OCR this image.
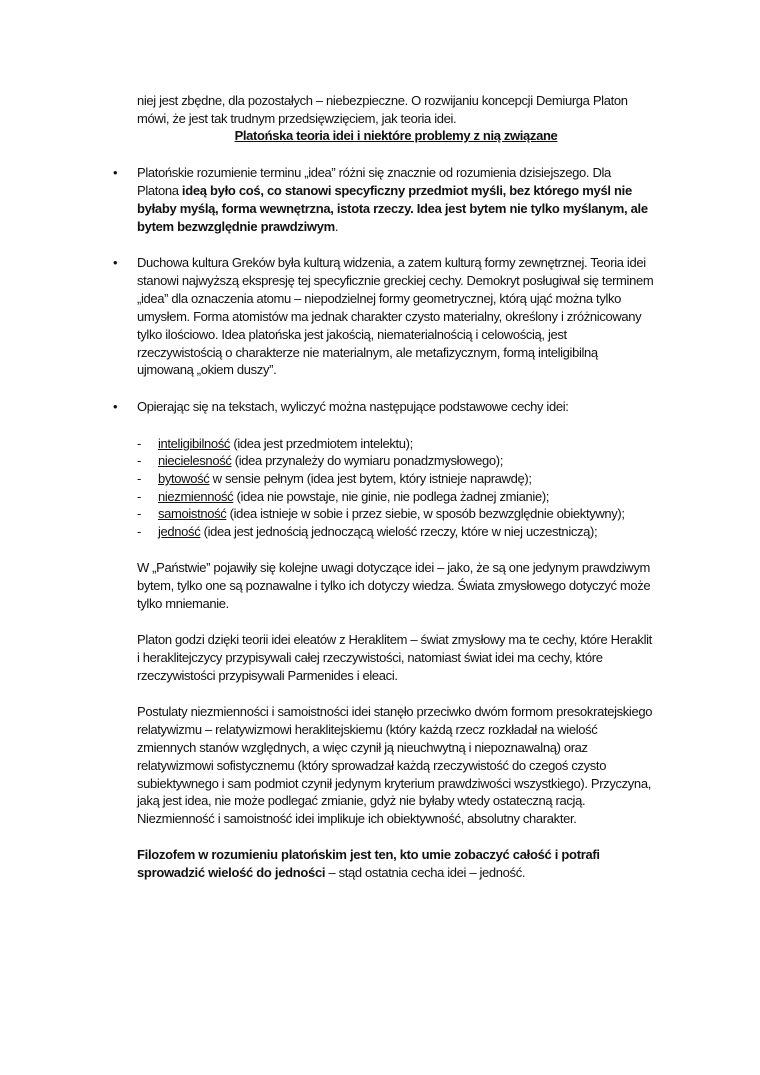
niej jest zbędne, dla pozostałych – niebezpieczne. O rozwijaniu koncepcji Demiurga Platon

mówi, że jest tak trudnym przedsięwzięciem, jak teoria idei.

Platońska teoria idei i niektóre problemy z nią związane

• Platońskie rozumienie terminu „idea” różni się znacznie od rozumienia dzisiejszego. Dla

Platona ideą było coś, co stanowi specyficzny przedmiot myśli, bez którego myśl nie

byłaby myślą, forma wewnętrzna, istota rzeczy. Idea jest bytem nie tylko myślanym, ale

bytem bezwzględnie prawdziwym.

• Duchowa kultura Greków była kulturą widzenia, a zatem kulturą formy zewnętrznej. Teoria idei

stanowi najwyższą ekspresję tej specyficznie greckiej cechy. Demokryt posługiwał się terminem

„idea” dla oznaczenia atomu – niepodzielnej formy geometrycznej, którą ująć można tylko

umysłem. Forma atomistów ma jednak charakter czysto materialny, określony i zróżnicowany

tylko ilościowo. Idea platońska jest jakością, niematerialnością i celowością, jest

rzeczywistością o charakterze nie materialnym, ale metafizycznym, formą inteligibilną

ujmowaną „okiem duszy”.

• Opierając się na tekstach, wyliczyć można następujące podstawowe cechy idei:

- inteligibilność (idea jest przedmiotem intelektu);

- niecielesność (idea przynależy do wymiaru ponadzmysłowego);

- bytowość w sensie pełnym (idea jest bytem, który istnieje naprawdę);

- niezmienność (idea nie powstaje, nie ginie, nie podlega żadnej zmianie);

- samoistność (idea istnieje w sobie i przez siebie, w sposób bezwzględnie obiektywny);

- jedność (idea jest jednością jednoczącą wielość rzeczy, które w niej uczestniczą);

W „Państwie” pojawiły się kolejne uwagi dotyczące idei – jako, że są one jedynym prawdziwym

bytem, tylko one są poznawalne i tylko ich dotyczy wiedza. Świata zmysłowego dotyczyć może

tylko mniemanie.

Platon godzi dzięki teorii idei eleatów z Heraklitem – świat zmysłowy ma te cechy, które Heraklit

i heraklitejczycy przypisywali całej rzeczywistości, natomiast świat idei ma cechy, które

rzeczywistości przypisywali Parmenides i eleaci.

Postulaty niezmienności i samoistności idei stanęło przeciwko dwóm formom presokratejskiego

relatywizmu – relatywizmowi heraklitejskiemu (który każdą rzecz rozkładał na wielość

zmiennych stanów względnych, a więc czynił ją nieuchwytną i niepoznawalną) oraz

relatywizmowi sofistycznemu (który sprowadzał każdą rzeczywistość do czegoś czysto

subiektywnego i sam podmiot czynił jedynym kryterium prawdziwości wszystkiego). Przyczyna,

jaką jest idea, nie może podlegać zmianie, gdyż nie byłaby wtedy ostateczną racją.

Niezmienność i samoistność idei implikuje ich obiektywność, absolutny charakter.

Filozofem w rozumieniu platońskim jest ten, kto umie zobaczyć całość i potrafi

sprowadzić wielość do jedności – stąd ostatnia cecha idei – jedność.
